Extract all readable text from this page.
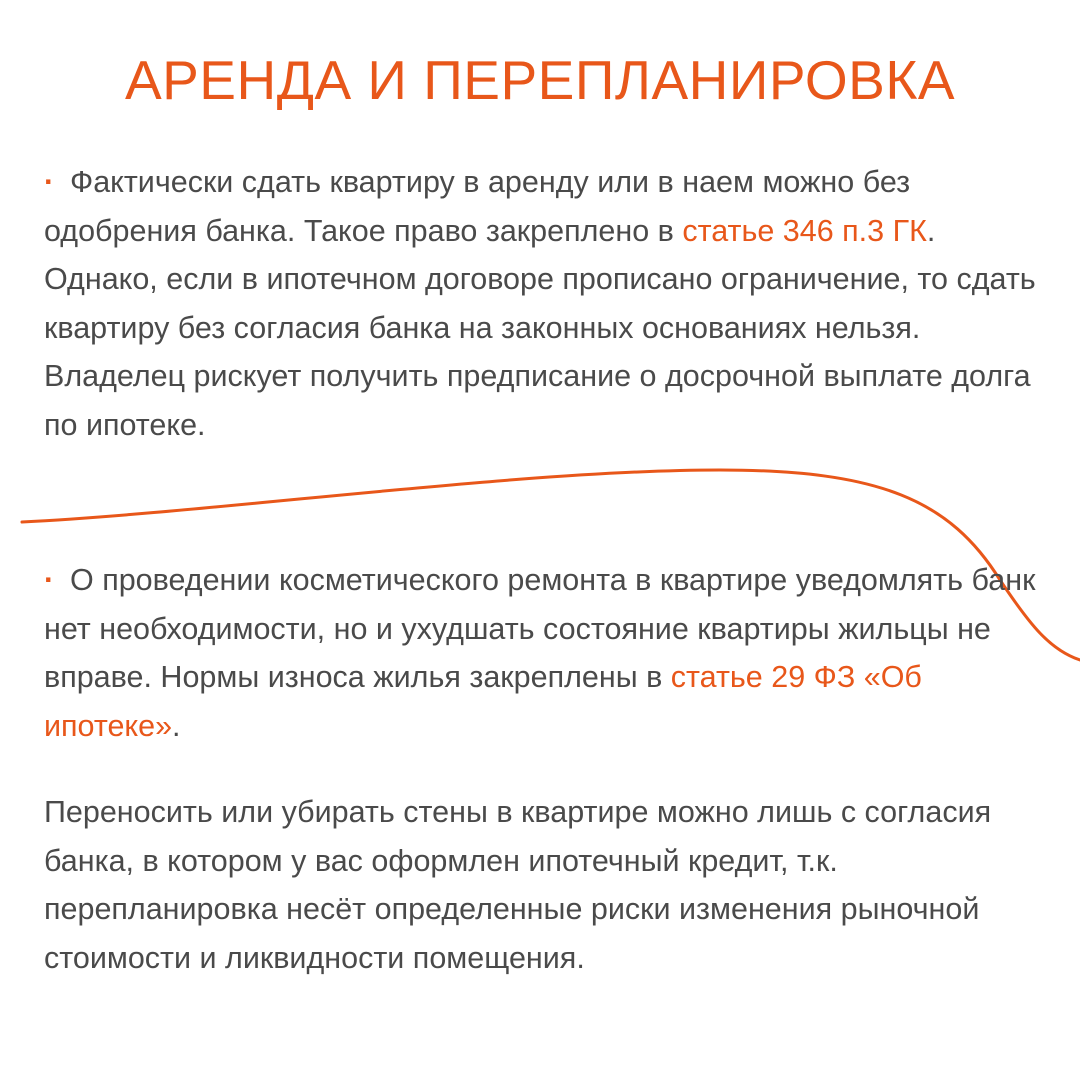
АРЕНДА И ПЕРЕПЛАНИРОВКА

· Фактически сдать квартиру в аренду или в наем можно без одобрения банка. Такое право закреплено в статье 346 п.3 ГК. Однако, если в ипотечном договоре прописано ограничение, то сдать квартиру без согласия банка на законных основаниях нельзя. Владелец рискует получить предписание о досрочной выплате долга по ипотеке.

· О проведении косметического ремонта в квартире уведомлять банк нет необходимости, но и ухудшать состояние квартиры жильцы не вправе. Нормы износа жилья закреплены в статье 29 ФЗ «Об ипотеке».

Переносить или убирать стены в квартире можно лишь с согласия банка, в котором у вас оформлен ипотечный кредит, т.к. перепланировка несёт определенные риски изменения рыночной стоимости и ликвидности помещения.
